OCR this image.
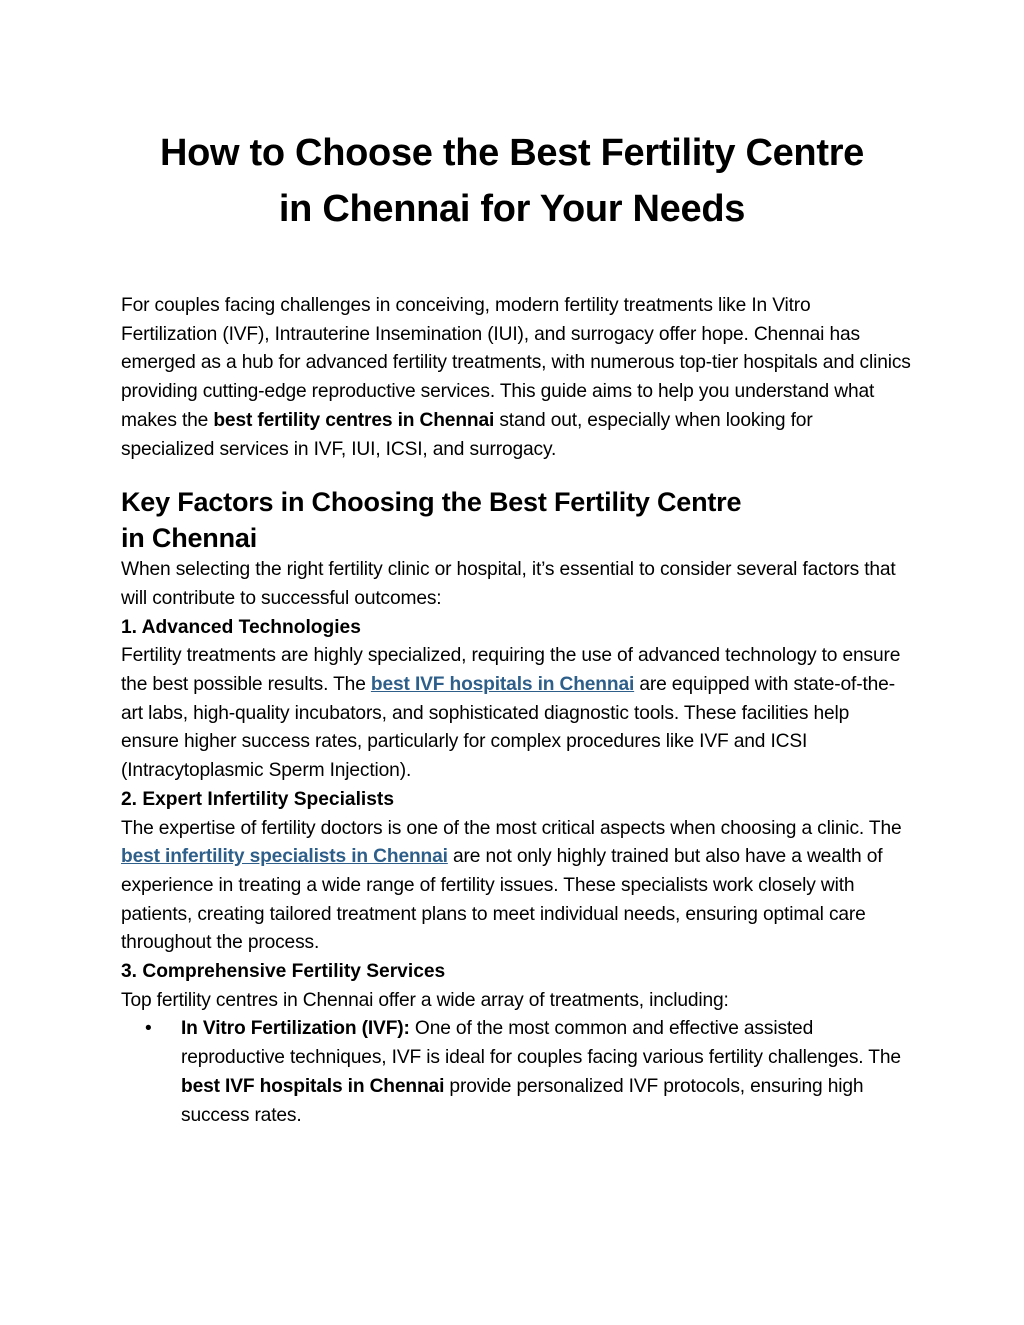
How to Choose the Best Fertility Centre
in Chennai for Your Needs

For couples facing challenges in conceiving, modern fertility treatments like In Vitro Fertilization (IVF), Intrauterine Insemination (IUI), and surrogacy offer hope. Chennai has emerged as a hub for advanced fertility treatments, with numerous top-tier hospitals and clinics providing cutting-edge reproductive services. This guide aims to help you understand what makes the best fertility centres in Chennai stand out, especially when looking for specialized services in IVF, IUI, ICSI, and surrogacy.

Key Factors in Choosing the Best Fertility Centre
in Chennai

When selecting the right fertility clinic or hospital, it’s essential to consider several factors that will contribute to successful outcomes:

1. Advanced Technologies

Fertility treatments are highly specialized, requiring the use of advanced technology to ensure the best possible results. The best IVF hospitals in Chennai are equipped with state-of-the-art labs, high-quality incubators, and sophisticated diagnostic tools. These facilities help ensure higher success rates, particularly for complex procedures like IVF and ICSI (Intracytoplasmic Sperm Injection).

2. Expert Infertility Specialists

The expertise of fertility doctors is one of the most critical aspects when choosing a clinic. The best infertility specialists in Chennai are not only highly trained but also have a wealth of experience in treating a wide range of fertility issues. These specialists work closely with patients, creating tailored treatment plans to meet individual needs, ensuring optimal care throughout the process.

3. Comprehensive Fertility Services

Top fertility centres in Chennai offer a wide array of treatments, including:

• In Vitro Fertilization (IVF): One of the most common and effective assisted reproductive techniques, IVF is ideal for couples facing various fertility challenges. The best IVF hospitals in Chennai provide personalized IVF protocols, ensuring high success rates.
